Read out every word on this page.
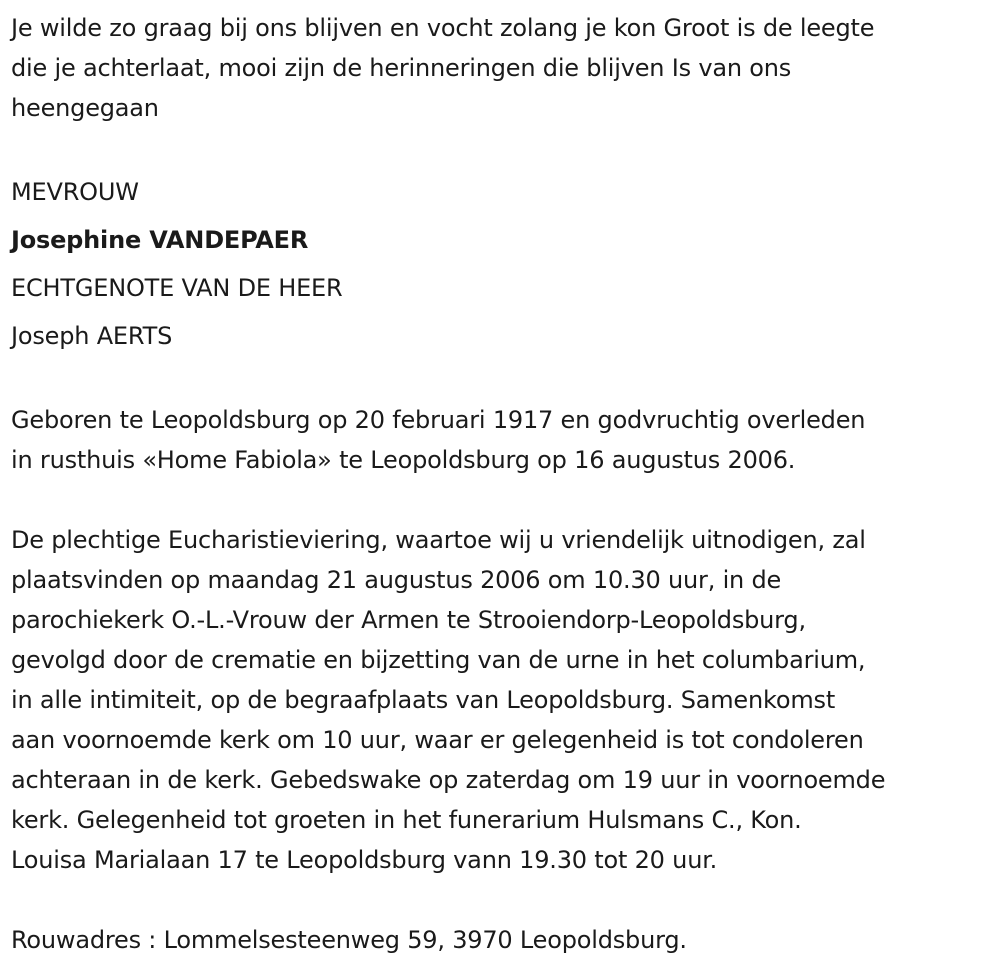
Je wilde zo graag bij ons blijven en vocht zolang je kon Groot is de leegte
die je achterlaat, mooi zijn de herinneringen die blijven Is van ons
heengegaan

MEVROUW

Josephine VANDEPAER

ECHTGENOTE VAN DE HEER

Joseph AERTS

Geboren te Leopoldsburg op 20 februari 1917 en godvruchtig overleden
in rusthuis «Home Fabiola» te Leopoldsburg op 16 augustus 2006.

De plechtige Eucharistieviering, waartoe wij u vriendelijk uitnodigen, zal
plaatsvinden op maandag 21 augustus 2006 om 10.30 uur, in de
parochiekerk O.-L.-Vrouw der Armen te Strooiendorp-Leopoldsburg,
gevolgd door de crematie en bijzetting van de urne in het columbarium,
in alle intimiteit, op de begraafplaats van Leopoldsburg. Samenkomst
aan voornoemde kerk om 10 uur, waar er gelegenheid is tot condoleren
achteraan in de kerk. Gebedswake op zaterdag om 19 uur in voornoemde
kerk. Gelegenheid tot groeten in het funerarium Hulsmans C., Kon.
Louisa Marialaan 17 te Leopoldsburg vann 19.30 tot 20 uur.

Rouwadres : Lommelsesteenweg 59, 3970 Leopoldsburg.
